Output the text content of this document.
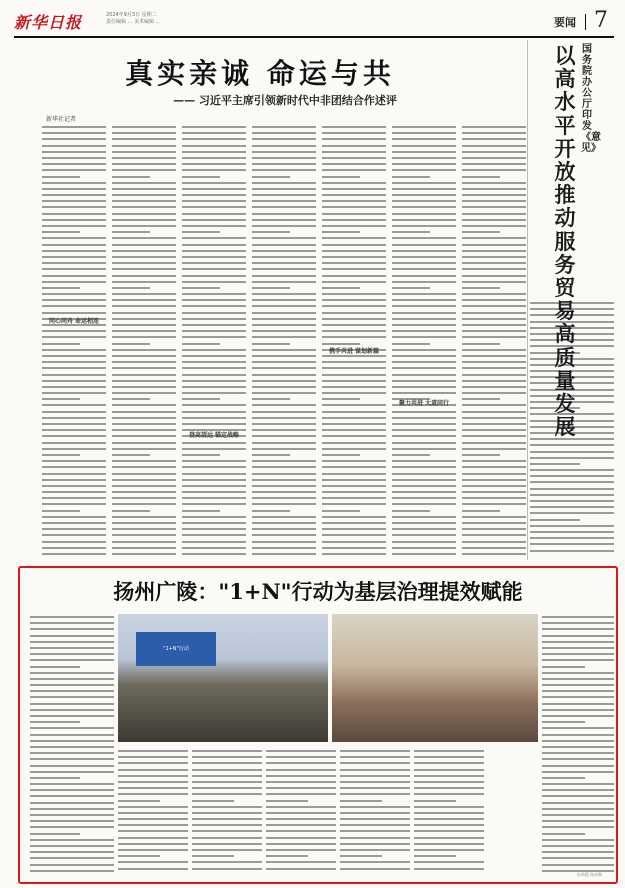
新华日报	2024年9月3日 星期二
责任编辑 ... 美术编辑 ...	要闻 7
真实亲诚 命运与共
—— 习近平主席引领新时代中非团结合作述评
新华社记者
同心同舟 命运相连
登高望远 锚定战略
携手共进 谋划新篇
聚力共进 大道同行
国务院办公厅印发《意见》
以高水平开放推动服务贸易高质量发展
扬州广陵："1+N"行动为基层治理提效赋能
"1+N"行动
孙鸿霞 杨成琳
